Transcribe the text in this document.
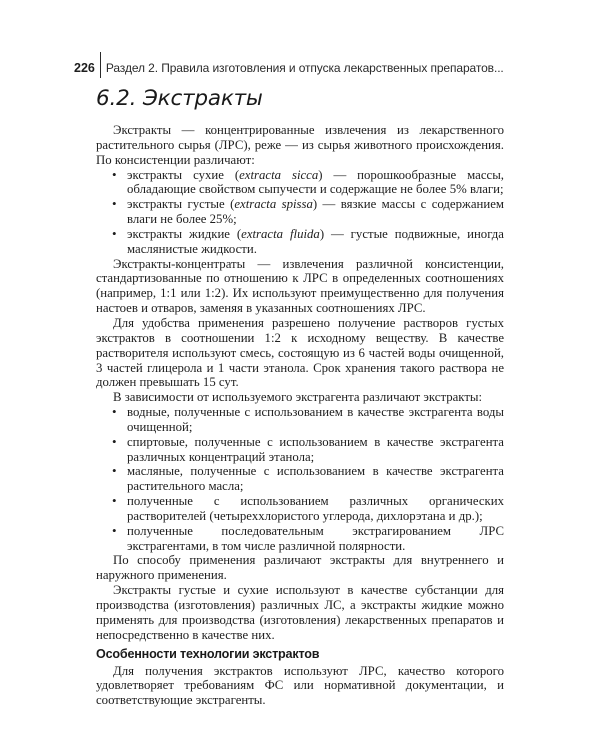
226 Раздел 2. Правила изготовления и отпуска лекарственных препаратов...
6.2. Экстракты

Экстракты — концентрированные извлечения из лекарственного растительного сырья (ЛРС), реже — из сырья животного происхождения. По консистенции различают:

• экстракты сухие (extracta sicca) — порошкообразные массы, обладающие свойством сыпучести и содержащие не более 5% влаги;
• экстракты густые (extracta spissa) — вязкие массы с содержанием влаги не более 25%;
• экстракты жидкие (extracta fluida) — густые подвижные, иногда маслянистые жидкости.

Экстракты-концентраты — извлечения различной консистенции, стандартизованные по отношению к ЛРС в определенных соотношениях (например, 1:1 или 1:2). Их используют преимущественно для получения настоев и отваров, заменяя в указанных соотношениях ЛРС.

Для удобства применения разрешено получение растворов густых экстрактов в соотношении 1:2 к исходному веществу. В качестве растворителя используют смесь, состоящую из 6 частей воды очищенной, 3 частей глицерола и 1 части этанола. Срок хранения такого раствора не должен превышать 15 сут.

В зависимости от используемого экстрагента различают экстракты:

• водные, полученные с использованием в качестве экстрагента воды очищенной;
• спиртовые, полученные с использованием в качестве экстрагента различных концентраций этанола;
• масляные, полученные с использованием в качестве экстрагента растительного масла;
• полученные с использованием различных органических растворителей (четыреххлористого углерода, дихлорэтана и др.);
• полученные последовательным экстрагированием ЛРС экстрагентами, в том числе различной полярности.

По способу применения различают экстракты для внутреннего и наружного применения.

Экстракты густые и сухие используют в качестве субстанции для производства (изготовления) различных ЛС, а экстракты жидкие можно применять для производства (изготовления) лекарственных препаратов и непосредственно в качестве них.

Особенности технологии экстрактов

Для получения экстрактов используют ЛРС, качество которого удовлетворяет требованиям ФС или нормативной документации, и соответствующие экстрагенты.
